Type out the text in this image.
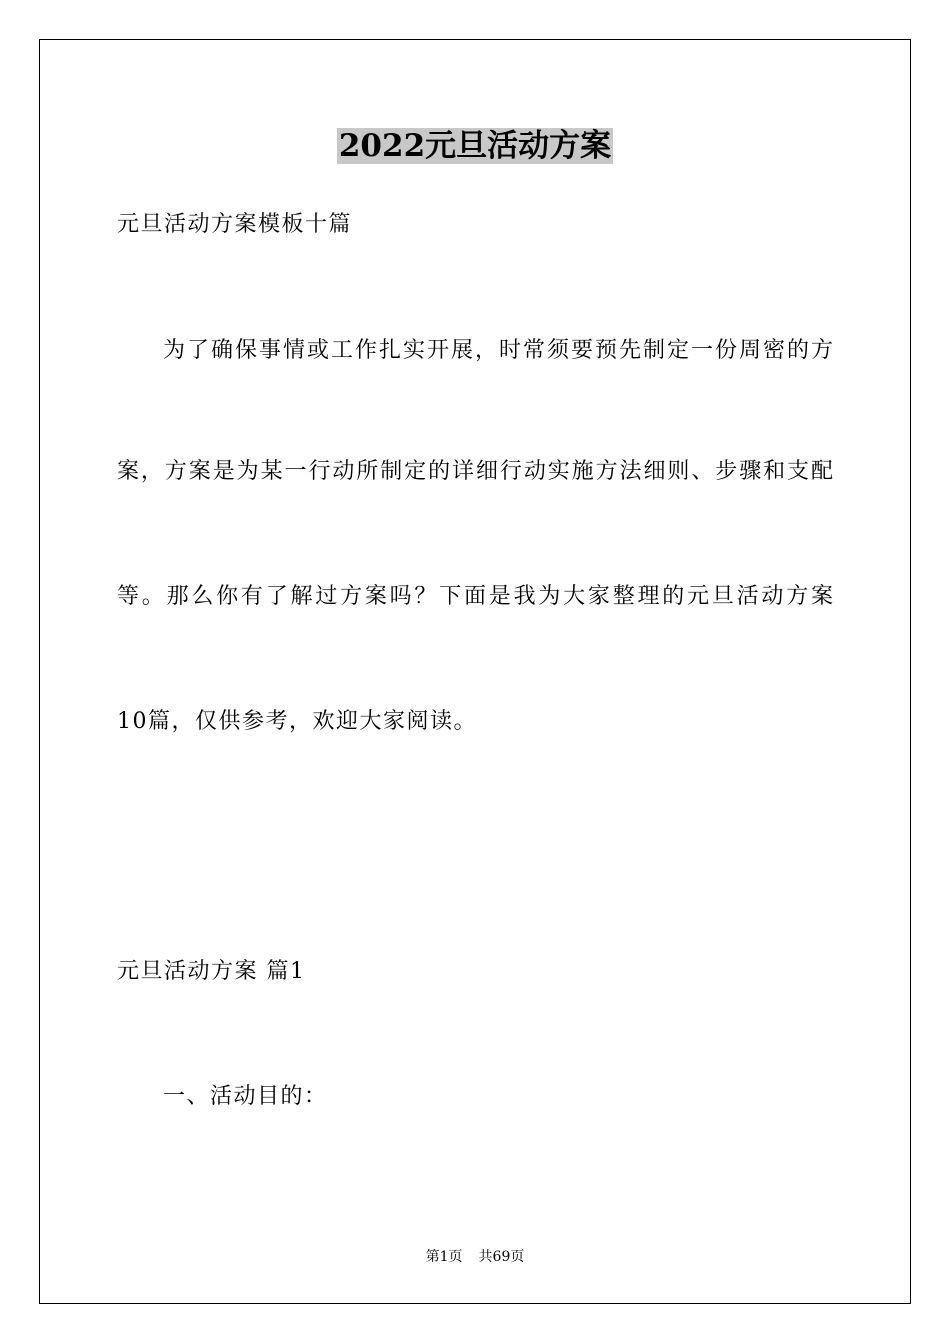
2022元旦活动方案
元旦活动方案模板十篇
为了确保事情或工作扎实开展，时常须要预先制定一份周密的方
案，方案是为某一行动所制定的详细行动实施方法细则、步骤和支配
等。那么你有了解过方案吗？下面是我为大家整理的元旦活动方案
10篇，仅供参考，欢迎大家阅读。
元旦活动方案 篇1
一、活动目的：
第1页 共69页
